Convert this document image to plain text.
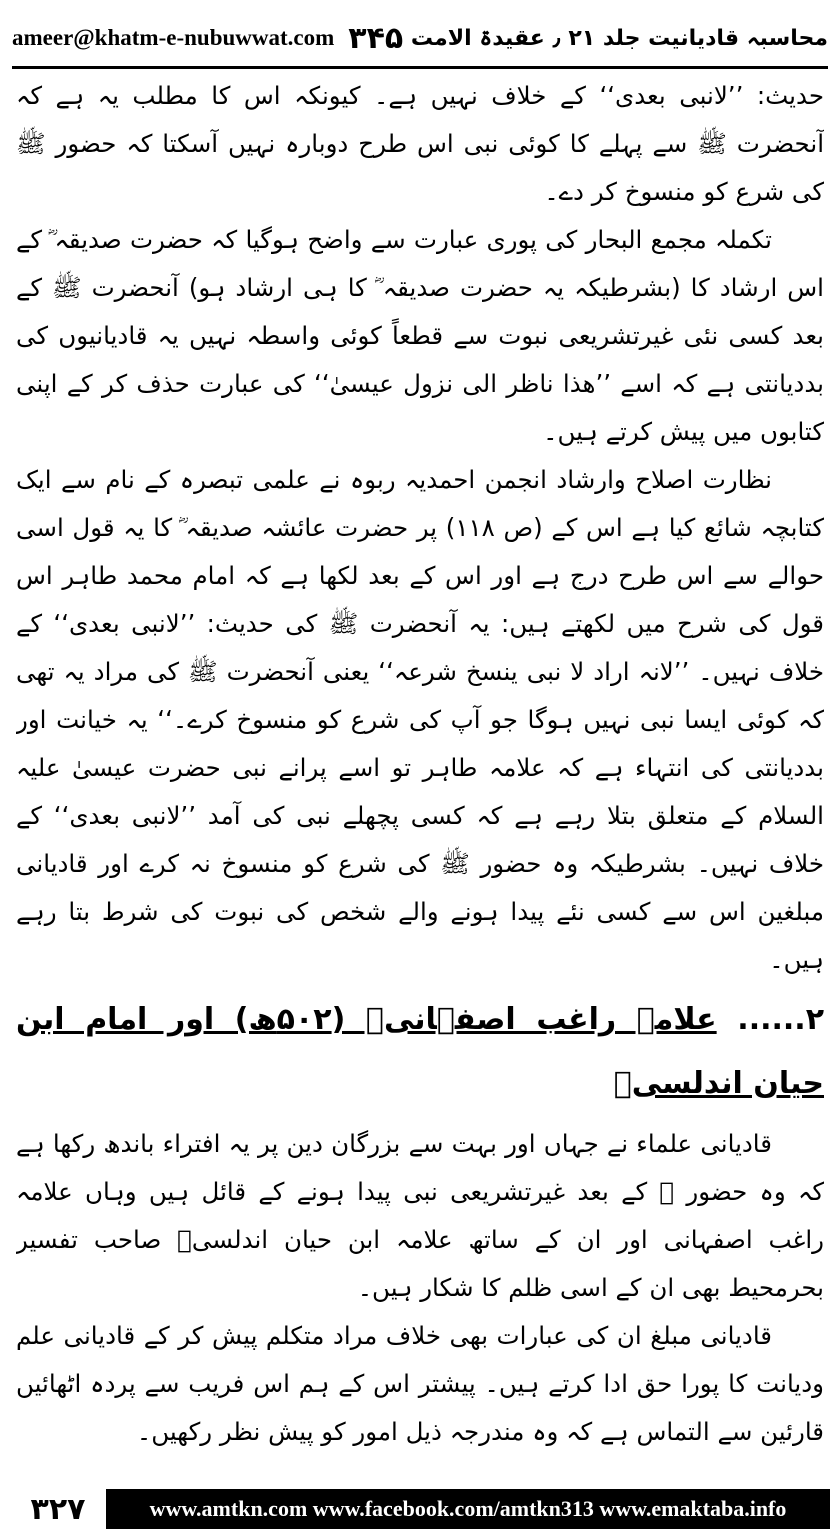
ameer@khatm-e-nubuwwat.com ۳۴۵ محاسبہ قادیانیت جلد ۲۱ ٫ عقیدۃ الامت

حدیث: ’’لانبی بعدی‘‘ کے خلاف نہیں ہے۔ کیونکہ اس کا مطلب یہ ہے کہ آنحضرت ﷺ سے پہلے کا کوئی نبی اس طرح دوبارہ نہیں آسکتا کہ حضور ﷺ کی شرع کو منسوخ کر دے۔

تکملہ مجمع البحار کی پوری عبارت سے واضح ہوگیا کہ حضرت صدیقہ ؓ کے اس ارشاد کا (بشرطیکہ یہ حضرت صدیقہ ؓ کا ہی ارشاد ہو) آنحضرت ﷺ کے بعد کسی نئی غیرتشریعی نبوت سے قطعاً کوئی واسطہ نہیں یہ قادیانیوں کی بددیانتی ہے کہ اسے ’’ھذا ناظر الی نزول عیسیٰ‘‘ کی عبارت حذف کر کے اپنی کتابوں میں پیش کرتے ہیں۔

نظارت اصلاح وارشاد انجمن احمدیہ ربوہ نے علمی تبصرہ کے نام سے ایک کتابچہ شائع کیا ہے اس کے (ص ۱۱۸) پر حضرت عائشہ صدیقہ ؓ کا یہ قول اسی حوالے سے اس طرح درج ہے اور اس کے بعد لکھا ہے کہ امام محمد طاہر اس قول کی شرح میں لکھتے ہیں: یہ آنحضرت ﷺ کی حدیث: ’’لانبی بعدی‘‘ کے خلاف نہیں۔ ’’لانہ اراد لا نبی ینسخ شرعہ‘‘ یعنی آنحضرت ﷺ کی مراد یہ تھی کہ کوئی ایسا نبی نہیں ہوگا جو آپ کی شرع کو منسوخ کرے۔‘‘ یہ خیانت اور بددیانتی کی انتہاء ہے کہ علامہ طاہر تو اسے پرانے نبی حضرت عیسیٰ علیہ السلام کے متعلق بتلا رہے ہے کہ کسی پچھلے نبی کی آمد ’’لانبی بعدی‘‘ کے خلاف نہیں۔ بشرطیکہ وہ حضور ﷺ کی شرع کو منسوخ نہ کرے اور قادیانی مبلغین اس سے کسی نئے پیدا ہونے والے شخص کی نبوت کی شرط بتا رہے ہیں۔

۲...... علامہ راغب اصفہانیؒ (۵۰۲ھ) اور امام ابن حیان اندلسیؒ

قادیانی علماء نے جہاں اور بہت سے بزرگان دین پر یہ افتراء باندھ رکھا ہے کہ وہ حضور ﷺ کے بعد غیرتشریعی نبی پیدا ہونے کے قائل ہیں وہاں علامہ راغب اصفہانی اور ان کے ساتھ علامہ ابن حیان اندلسیؒ صاحب تفسیر بحرمحیط بھی ان کے اسی ظلم کا شکار ہیں۔

قادیانی مبلغ ان کی عبارات بھی خلاف مراد متکلم پیش کر کے قادیانی علم ودیانت کا پورا حق ادا کرتے ہیں۔ پیشتر اس کے ہم اس فریب سے پردہ اٹھائیں قارئین سے التماس ہے کہ وہ مندرجہ ذیل امور کو پیش نظر رکھیں۔

۳۲۷	www.amtkn.com www.facebook.com/amtkn313 www.emaktaba.info
